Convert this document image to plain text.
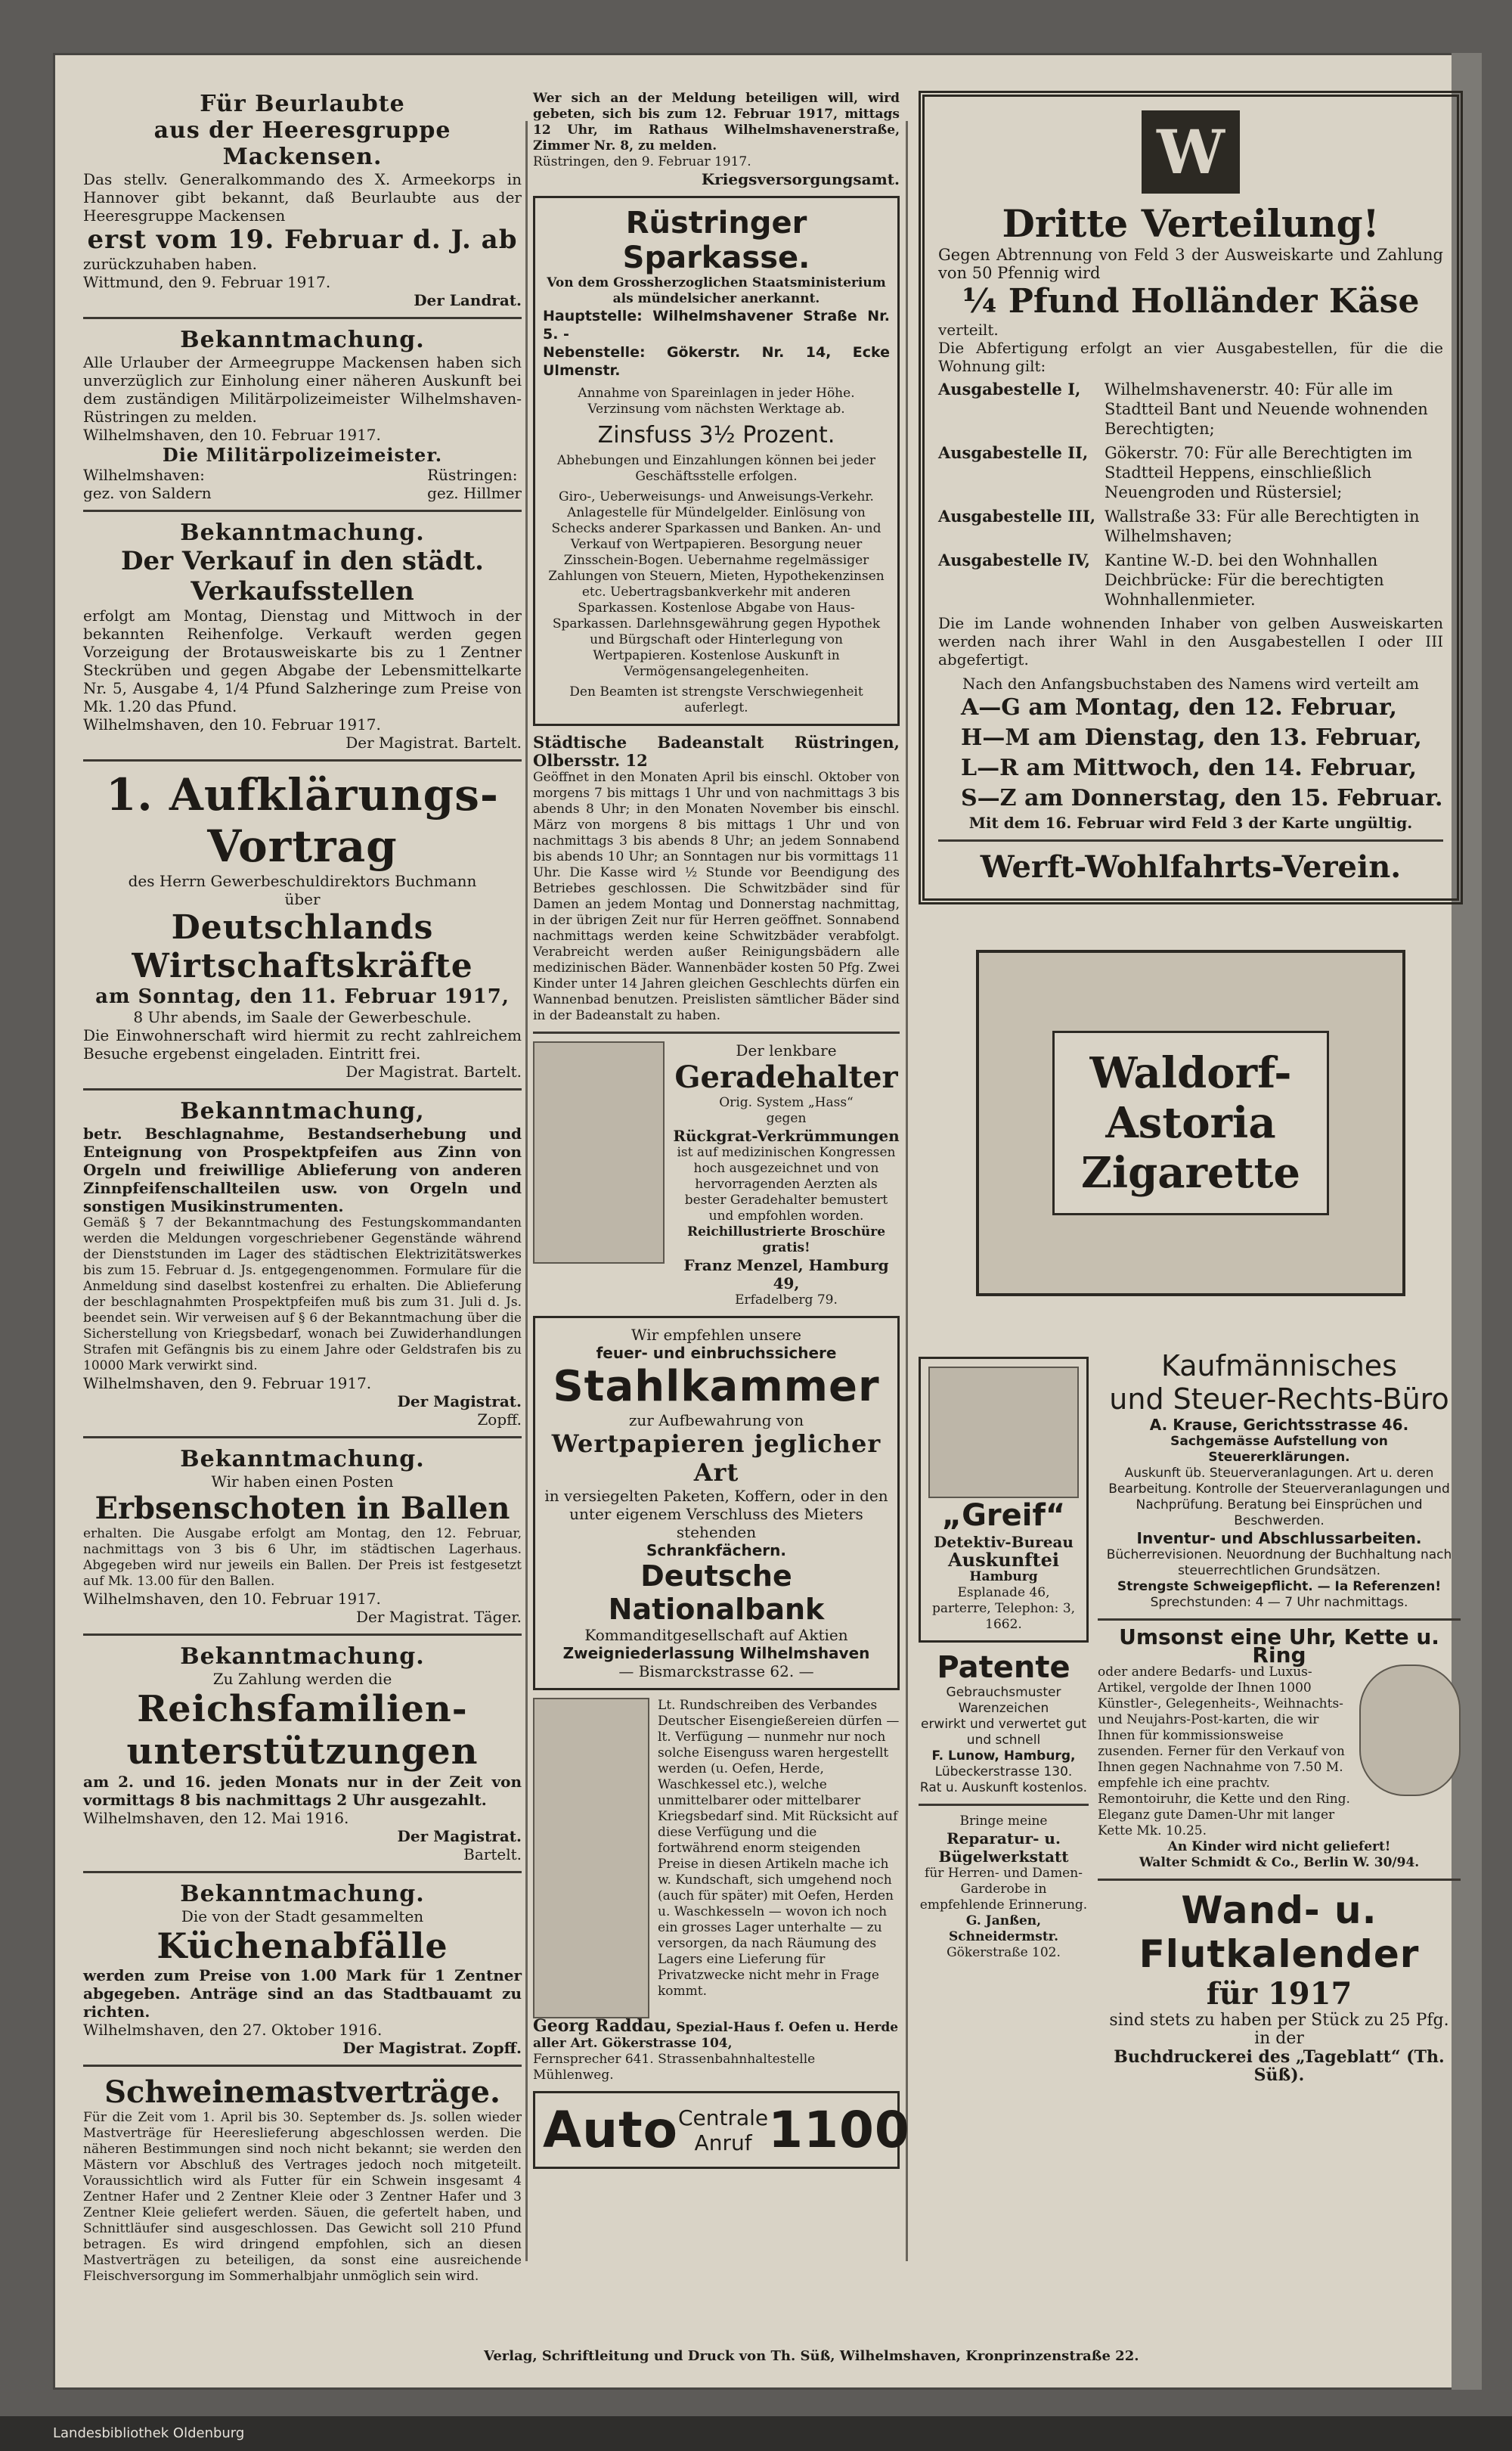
Für Beurlaubte
aus der Heeresgruppe Mackensen.
Das stellv. Generalkommando des X. Armeekorps in Hannover gibt bekannt, daß Beurlaubte aus der Heeresgruppe Mackensen
erst vom 19. Februar d. J. ab
zurückzuhaben haben.
Wittmund, den 9. Februar 1917.
Der Landrat.
Bekanntmachung.
Alle Urlauber der Armeegruppe Mackensen haben sich unverzüglich zur Einholung einer näheren Auskunft bei dem zuständigen Militärpolizeimeister Wilhelmshaven-Rüstringen zu melden.
Wilhelmshaven, den 10. Februar 1917.
Die Militärpolizeimeister.
Wilhelmshaven:
gez. von Saldern
Rüstringen:
gez. Hillmer
Bekanntmachung.
Der Verkauf in den städt. Verkaufsstellen
erfolgt am Montag, Dienstag und Mittwoch in der bekannten Reihenfolge. Verkauft werden gegen Vorzeigung der Brotausweiskarte bis zu 1 Zentner Steckrüben und gegen Abgabe der Lebensmittelkarte Nr. 5, Ausgabe 4, 1/4 Pfund Salzheringe zum Preise von Mk. 1.20 das Pfund.
Wilhelmshaven, den 10. Februar 1917.
Der Magistrat. Bartelt.
1. Aufklärungs-Vortrag
des Herrn Gewerbeschuldirektors Buchmann
über
Deutschlands Wirtschaftskräfte
am Sonntag, den 11. Februar 1917,
8 Uhr abends, im Saale der Gewerbeschule.
Die Einwohnerschaft wird hiermit zu recht zahlreichem Besuche ergebenst eingeladen. Eintritt frei.
Der Magistrat. Bartelt.
Bekanntmachung,
betr. Beschlagnahme, Bestandserhebung und Enteignung von Prospektpfeifen aus Zinn von Orgeln und freiwillige Ablieferung von anderen Zinnpfeifenschallteilen usw. von Orgeln und sonstigen Musikinstrumenten.
Gemäß § 7 der Bekanntmachung des Festungskommandanten werden die Meldungen vorgeschriebener Gegenstände während der Dienststunden im Lager des städtischen Elektrizitätswerkes bis zum 15. Februar d. Js. entgegengenommen. Formulare für die Anmeldung sind daselbst kostenfrei zu erhalten. Die Ablieferung der beschlagnahmten Prospektpfeifen muß bis zum 31. Juli d. Js. beendet sein. Wir verweisen auf § 6 der Bekanntmachung über die Sicherstellung von Kriegsbedarf, wonach bei Zuwiderhandlungen Strafen mit Gefängnis bis zu einem Jahre oder Geldstrafen bis zu 10000 Mark verwirkt sind.
Wilhelmshaven, den 9. Februar 1917.
Der Magistrat.
Zopff.
Bekanntmachung.
Wir haben einen Posten
Erbsenschoten in Ballen
erhalten. Die Ausgabe erfolgt am Montag, den 12. Februar, nachmittags von 3 bis 6 Uhr, im städtischen Lagerhaus. Abgegeben wird nur jeweils ein Ballen. Der Preis ist festgesetzt auf Mk. 13.00 für den Ballen.
Wilhelmshaven, den 10. Februar 1917.
Der Magistrat. Täger.
Bekanntmachung.
Zu Zahlung werden die
Reichsfamilien-
unterstützungen
am 2. und 16. jeden Monats nur in der Zeit von vormittags 8 bis nachmittags 2 Uhr ausgezahlt.
Wilhelmshaven, den 12. Mai 1916.
Der Magistrat.
Bartelt.
Bekanntmachung.
Die von der Stadt gesammelten
Küchenabfälle
werden zum Preise von 1.00 Mark für 1 Zentner abgegeben. Anträge sind an das Stadtbauamt zu richten.
Wilhelmshaven, den 27. Oktober 1916.
Der Magistrat. Zopff.
Schweinemastverträge.
Für die Zeit vom 1. April bis 30. September ds. Js. sollen wieder Mastverträge für Heereslieferung abgeschlossen werden. Die näheren Bestimmungen sind noch nicht bekannt; sie werden den Mästern vor Abschluß des Vertrages jedoch noch mitgeteilt. Voraussichtlich wird als Futter für ein Schwein insgesamt 4 Zentner Hafer und 2 Zentner Kleie oder 3 Zentner Hafer und 3 Zentner Kleie geliefert werden. Säuen, die gefertelt haben, und Schnittläufer sind ausgeschlossen. Das Gewicht soll 210 Pfund betragen. Es wird dringend empfohlen, sich an diesen Mastverträgen zu beteiligen, da sonst eine ausreichende Fleischversorgung im Sommerhalbjahr unmöglich sein wird.
Wer sich an der Meldung beteiligen will, wird gebeten, sich bis zum 12. Februar 1917, mittags 12 Uhr, im Rathaus Wilhelmshavenerstraße, Zimmer Nr. 8, zu melden.
Rüstringen, den 9. Februar 1917.
Kriegsversorgungsamt.
Rüstringer Sparkasse.
Von dem Grossherzoglichen Staatsministerium als mündelsicher anerkannt.
Hauptstelle: Wilhelmshavener Straße Nr. 5. -
Nebenstelle: Gökerstr. Nr. 14, Ecke Ulmenstr.
Annahme von Spareinlagen in jeder Höhe. Verzinsung vom nächsten Werktage ab.
Zinsfuss 3½ Prozent.
Abhebungen und Einzahlungen können bei jeder Geschäftsstelle erfolgen.
Giro-, Ueberweisungs- und Anweisungs-Verkehr. Anlagestelle für Mündelgelder. Einlösung von Schecks anderer Sparkassen und Banken. An- und Verkauf von Wertpapieren. Besorgung neuer Zinsschein-Bogen. Uebernahme regelmässiger Zahlungen von Steuern, Mieten, Hypothekenzinsen etc. Uebertragsbankverkehr mit anderen Sparkassen. Kostenlose Abgabe von Haus-Sparkassen. Darlehnsgewährung gegen Hypothek und Bürgschaft oder Hinterlegung von Wertpapieren. Kostenlose Auskunft in Vermögensangelegenheiten.
Den Beamten ist strengste Verschwiegenheit auferlegt.
Städtische Badeanstalt Rüstringen, Olbersstr. 12
Geöffnet in den Monaten April bis einschl. Oktober von morgens 7 bis mittags 1 Uhr und von nachmittags 3 bis abends 8 Uhr; in den Monaten November bis einschl. März von morgens 8 bis mittags 1 Uhr und von nachmittags 3 bis abends 8 Uhr; an jedem Sonnabend bis abends 10 Uhr; an Sonntagen nur bis vormittags 11 Uhr. Die Kasse wird ½ Stunde vor Beendigung des Betriebes geschlossen. Die Schwitzbäder sind für Damen an jedem Montag und Donnerstag nachmittag, in der übrigen Zeit nur für Herren geöffnet. Sonnabend nachmittags werden keine Schwitzbäder verabfolgt. Verabreicht werden außer Reinigungsbädern alle medizinischen Bäder. Wannenbäder kosten 50 Pfg. Zwei Kinder unter 14 Jahren gleichen Geschlechts dürfen ein Wannenbad benutzen. Preislisten sämtlicher Bäder sind in der Badeanstalt zu haben.
Der lenkbare
Geradehalter
Orig. System „Hass“
gegen
Rückgrat-Verkrümmungen
ist auf medizinischen Kongressen hoch ausgezeichnet und von hervorragenden Aerzten als bester Geradehalter bemustert und empfohlen worden.
Reichillustrierte Broschüre gratis!
Franz Menzel, Hamburg 49,
Erfadelberg 79.
Wir empfehlen unsere
feuer- und einbruchssichere
Stahlkammer
zur Aufbewahrung von
Wertpapieren jeglicher Art
in versiegelten Paketen, Koffern, oder in den unter eigenem Verschluss des Mieters stehenden
Schrankfächern.
Deutsche Nationalbank
Kommanditgesellschaft auf Aktien
Zweigniederlassung Wilhelmshaven
— Bismarckstrasse 62. —
Lt. Rundschreiben des Verbandes Deutscher Eisengießereien dürfen — lt. Verfügung — nunmehr nur noch solche Eisenguss waren hergestellt werden (u. Oefen, Herde, Waschkessel etc.), welche unmittelbarer oder mittelbarer Kriegsbedarf sind. Mit Rücksicht auf diese Verfügung und die fortwährend enorm steigenden Preise in diesen Artikeln mache ich w. Kundschaft, sich umgehend noch (auch für später) mit Oefen, Herden u. Waschkesseln — wovon ich noch ein grosses Lager unterhalte — zu versorgen, da nach Räumung des Lagers eine Lieferung für Privatzwecke nicht mehr in Frage kommt.
Georg Raddau, Spezial-Haus f. Oefen u. Herde aller Art. Gökerstrasse 104,
Fernsprecher 641. Strassenbahnhaltestelle Mühlenweg.
Auto Centrale
Anruf 1100
W
Dritte Verteilung!
Gegen Abtrennung von Feld 3 der Ausweiskarte und Zahlung von 50 Pfennig wird
¼ Pfund Holländer Käse
verteilt.
Die Abfertigung erfolgt an vier Ausgabestellen, für die die Wohnung gilt:
Ausgabestelle I,	Wilhelmshavenerstr. 40: Für alle im Stadtteil Bant und Neuende wohnenden Berechtigten;
Ausgabestelle II,	Gökerstr. 70: Für alle Berechtigten im Stadtteil Heppens, einschließlich Neuengroden und Rüstersiel;
Ausgabestelle III, Wallstraße 33: Für alle Berechtigten in Wilhelmshaven;
Ausgabestelle IV, Kantine W.-D. bei den Wohnhallen Deichbrücke: Für die berechtigten Wohnhallenmieter.
Die im Lande wohnenden Inhaber von gelben Ausweiskarten werden nach ihrer Wahl in den Ausgabestellen I oder III abgefertigt.
Nach den Anfangsbuchstaben des Namens wird verteilt am
A—G am Montag, den 12. Februar,
H—M am Dienstag, den 13. Februar,
L—R am Mittwoch, den 14. Februar,
S—Z am Donnerstag, den 15. Februar.
Mit dem 16. Februar wird Feld 3 der Karte ungültig.
Werft-Wohlfahrts-Verein.
Waldorf-
Astoria
Zigarette
„Greif“
Detektiv-Bureau
Auskunftei
Hamburg
Esplanade 46, parterre, Telephon: 3, 1662.
Patente
Gebrauchsmuster Warenzeichen
erwirkt und verwertet gut und schnell
F. Lunow, Hamburg,
Lübeckerstrasse 130.
Rat u. Auskunft kostenlos.
Bringe meine
Reparatur- u. Bügelwerkstatt
für Herren- und Damen-Garderobe in empfehlende Erinnerung.
G. Janßen, Schneidermstr.
Gökerstraße 102.
Kaufmännisches
und Steuer-Rechts-Büro
A. Krause, Gerichtsstrasse 46.
Sachgemässe Aufstellung von Steuererklärungen.
Auskunft üb. Steuerveranlagungen. Art u. deren Bearbeitung. Kontrolle der Steuerveranlagungen und Nachprüfung. Beratung bei Einsprüchen und Beschwerden.
Inventur- und Abschlussarbeiten.
Bücherrevisionen. Neuordnung der Buchhaltung nach steuerrechtlichen Grundsätzen.
Strengste Schweigepflicht. — Ia Referenzen!
Sprechstunden: 4 — 7 Uhr nachmittags.
Umsonst eine Uhr, Kette u. Ring
oder andere Bedarfs- und Luxus-Artikel, vergolde der Ihnen 1000 Künstler-, Gelegenheits-, Weihnachts- und Neujahrs-Post-karten, die wir Ihnen für kommissionsweise zusenden. Ferner für den Verkauf von Ihnen gegen Nachnahme von 7.50 M. empfehle ich eine prachtv. Remontoiruhr, die Kette und den Ring. Eleganz gute Damen-Uhr mit langer Kette Mk. 10.25.
An Kinder wird nicht geliefert!
Walter Schmidt & Co., Berlin W. 30/94.
Wand- u. Flutkalender
für 1917
sind stets zu haben per Stück zu 25 Pfg.
in der
Buchdruckerei des „Tageblatt“ (Th. Süß).
Verlag, Schriftleitung und Druck von Th. Süß, Wilhelmshaven, Kronprinzenstraße 22.
Landesbibliothek Oldenburg
